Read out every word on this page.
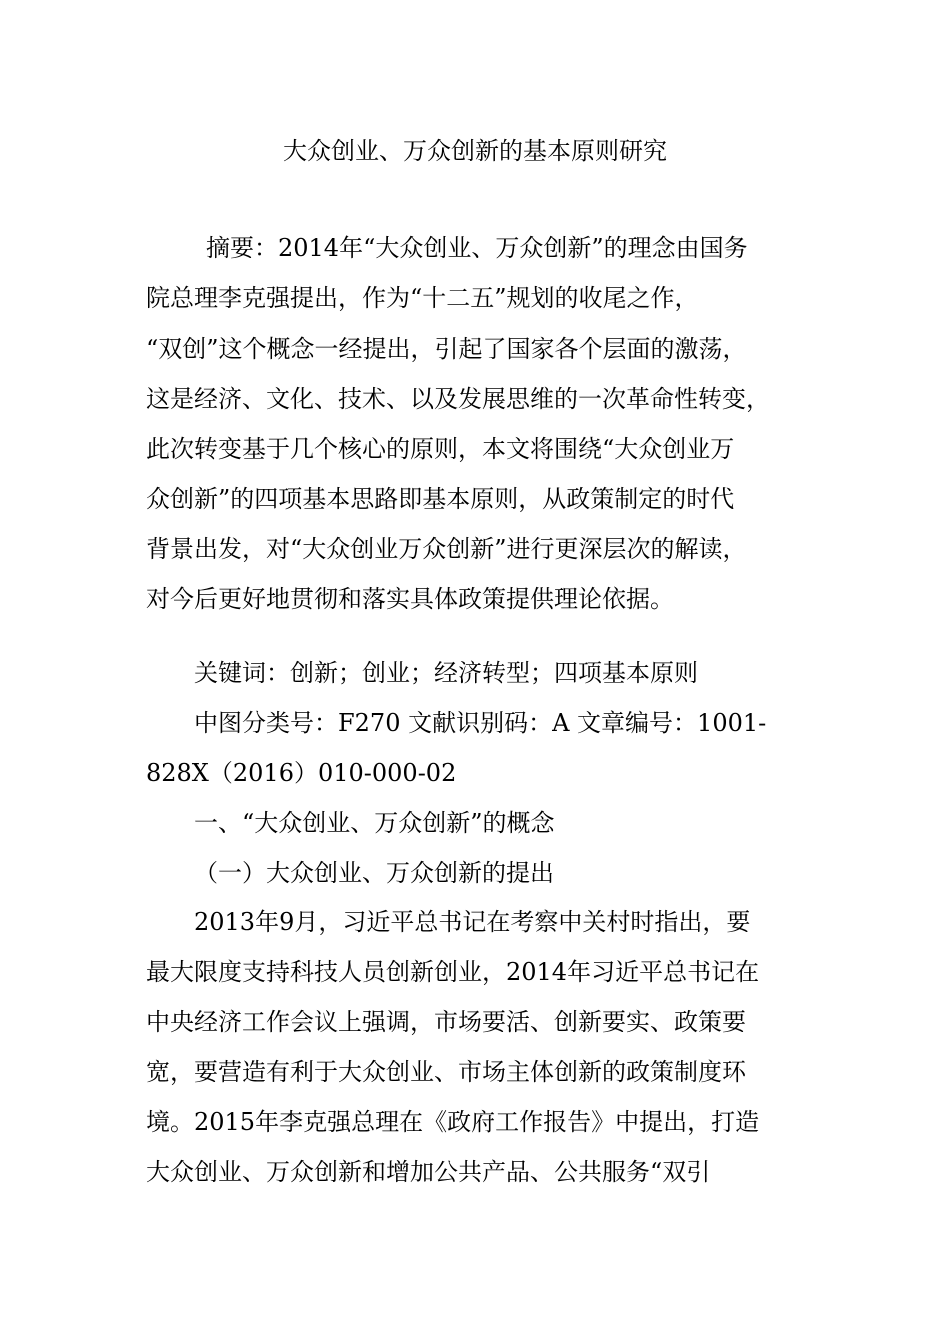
大众创业、万众创新的基本原则研究
摘要：2014年“大众创业、万众创新”的理念由国务
院总理李克强提出，作为“十二五”规划的收尾之作，
“双创”这个概念一经提出，引起了国家各个层面的激荡，
这是经济、文化、技术、以及发展思维的一次革命性转变，
此次转变基于几个核心的原则，本文将围绕“大众创业万
众创新”的四项基本思路即基本原则，从政策制定的时代
背景出发，对“大众创业万众创新”进行更深层次的解读，
对今后更好地贯彻和落实具体政策提供理论依据。
关键词：创新；创业；经济转型；四项基本原则
中图分类号：F270 文献识别码：A 文章编号：1001-
828X（2016）010-000-02
一、“大众创业、万众创新”的概念
（一）大众创业、万众创新的提出
2013年9月，习近平总书记在考察中关村时指出，要
最大限度支持科技人员创新创业，2014年习近平总书记在
中央经济工作会议上强调，市场要活、创新要实、政策要
宽，要营造有利于大众创业、市场主体创新的政策制度环
境。2015年李克强总理在《政府工作报告》中提出，打造
大众创业、万众创新和增加公共产品、公共服务“双引
